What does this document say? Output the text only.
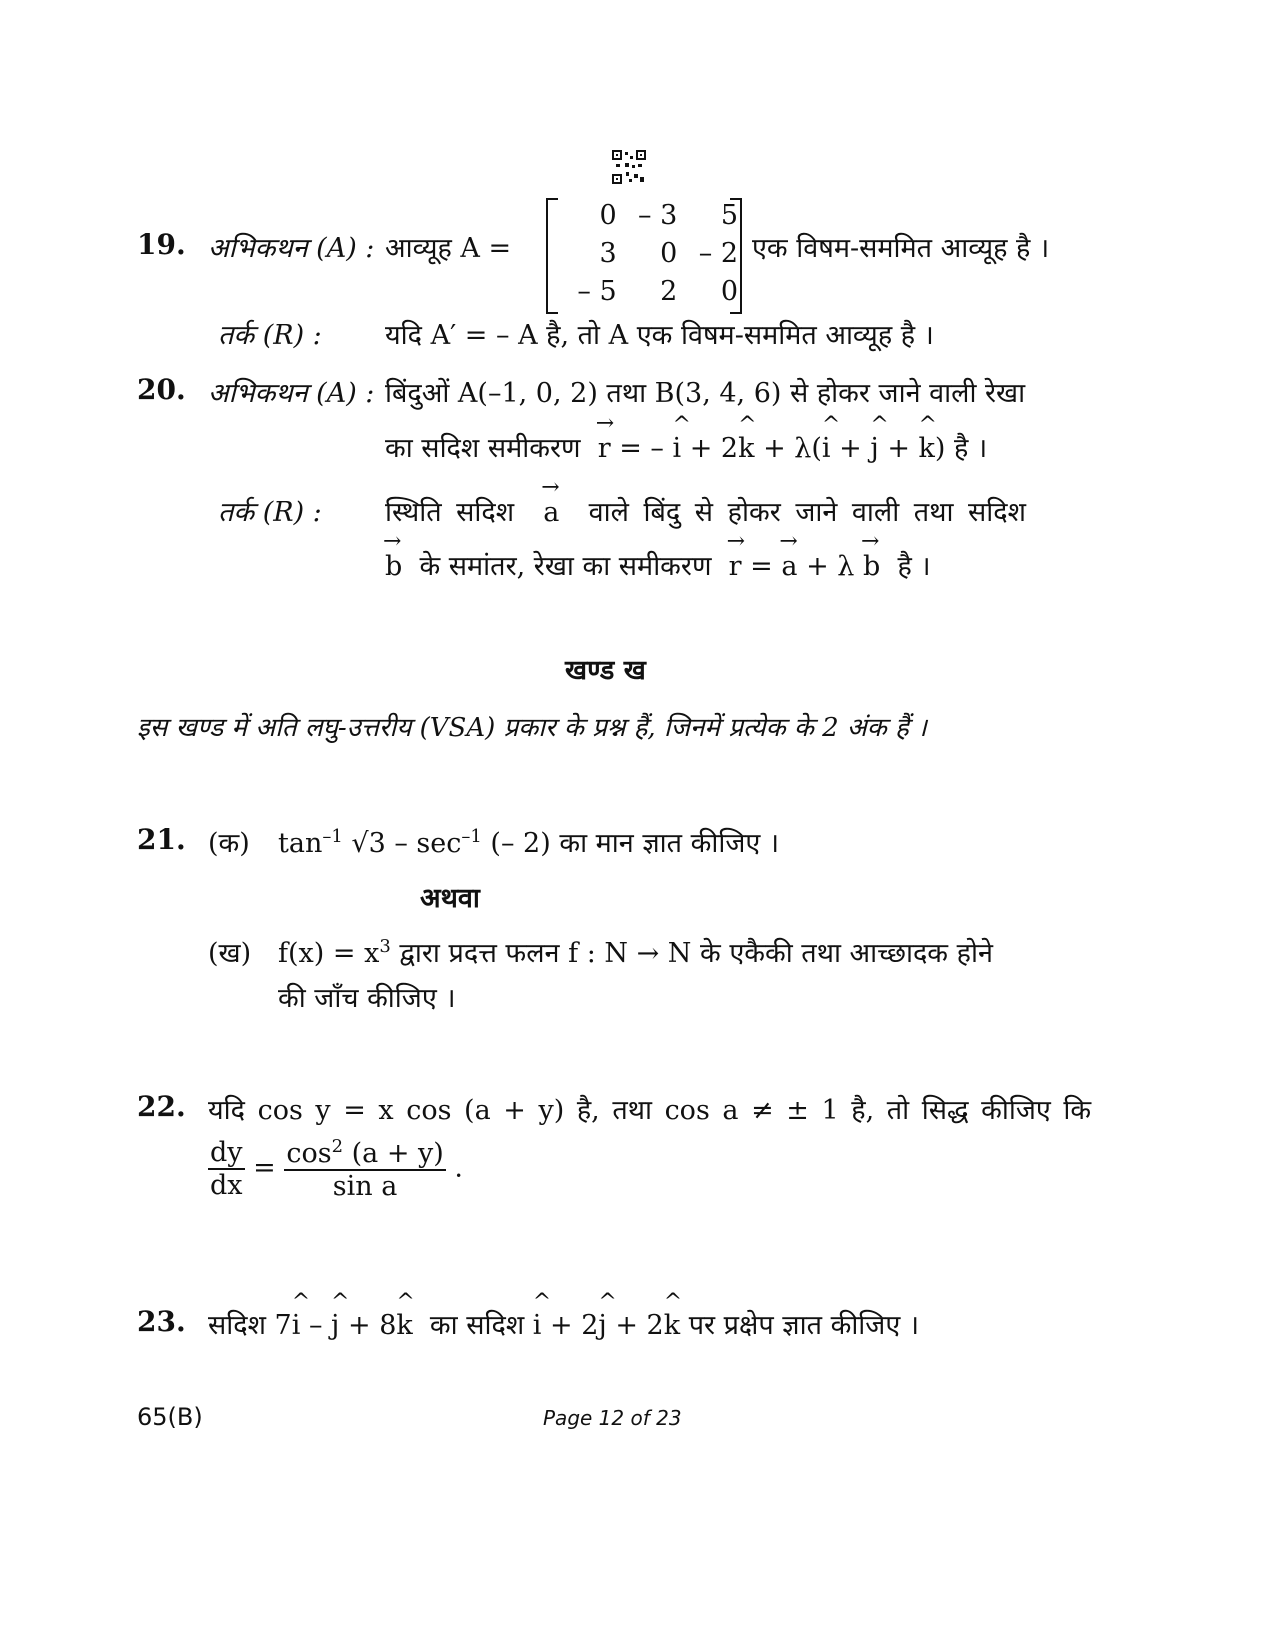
19. अभिकथन (A) : आव्यूह A =
0	– 3	5
3	0	– 2
– 5	2	0
एक विषम-सममित आव्यूह है ।
तर्क (R) : यदि A′ = – A है, तो A एक विषम-सममित आव्यूह है ।
20. अभिकथन (A) : बिंदुओं A(–1, 0, 2) तथा B(3, 4, 6) से होकर जाने वाली रेखा
का सदिश समीकरण → r = – ^ i + 2^ k + λ(^ i + ^ j + ^ k) है ।
तर्क (R) : स्थिति सदिश → a वाले बिंदु से होकर जाने वाली तथा सदिश
→ b के समांतर, रेखा का समीकरण → r = → a + λ → b है ।
खण्ड ख
इस खण्ड में अति लघु-उत्तरीय (VSA) प्रकार के प्रश्न हैं, जिनमें प्रत्येक के 2 अंक हैं ।
21. (क) $\tan^{-1} √3 - \sec^{-1}$ (– 2) का मान ज्ञात कीजिए ।
अथवा
(ख) $f(x) = x^3$ द्वारा प्रदत्त फलन f : N → N के एकैकी तथा आच्छादक होने
की जाँच कीजिए ।
22. यदि cos y = x cos (a + y) है, तथा cos a ≠ ± 1 है, तो सिद्ध कीजिए कि
$\frac{dy}{dx} = \frac{\cos^2 (a + y)}{\text{sin a}}$ .
23. सदिश 7^ i – ^ j + 8^ k का सदिश ^ i + 2^ j + 2^ k पर प्रक्षेप ज्ञात कीजिए ।
65(B)	Page 12 of 23
